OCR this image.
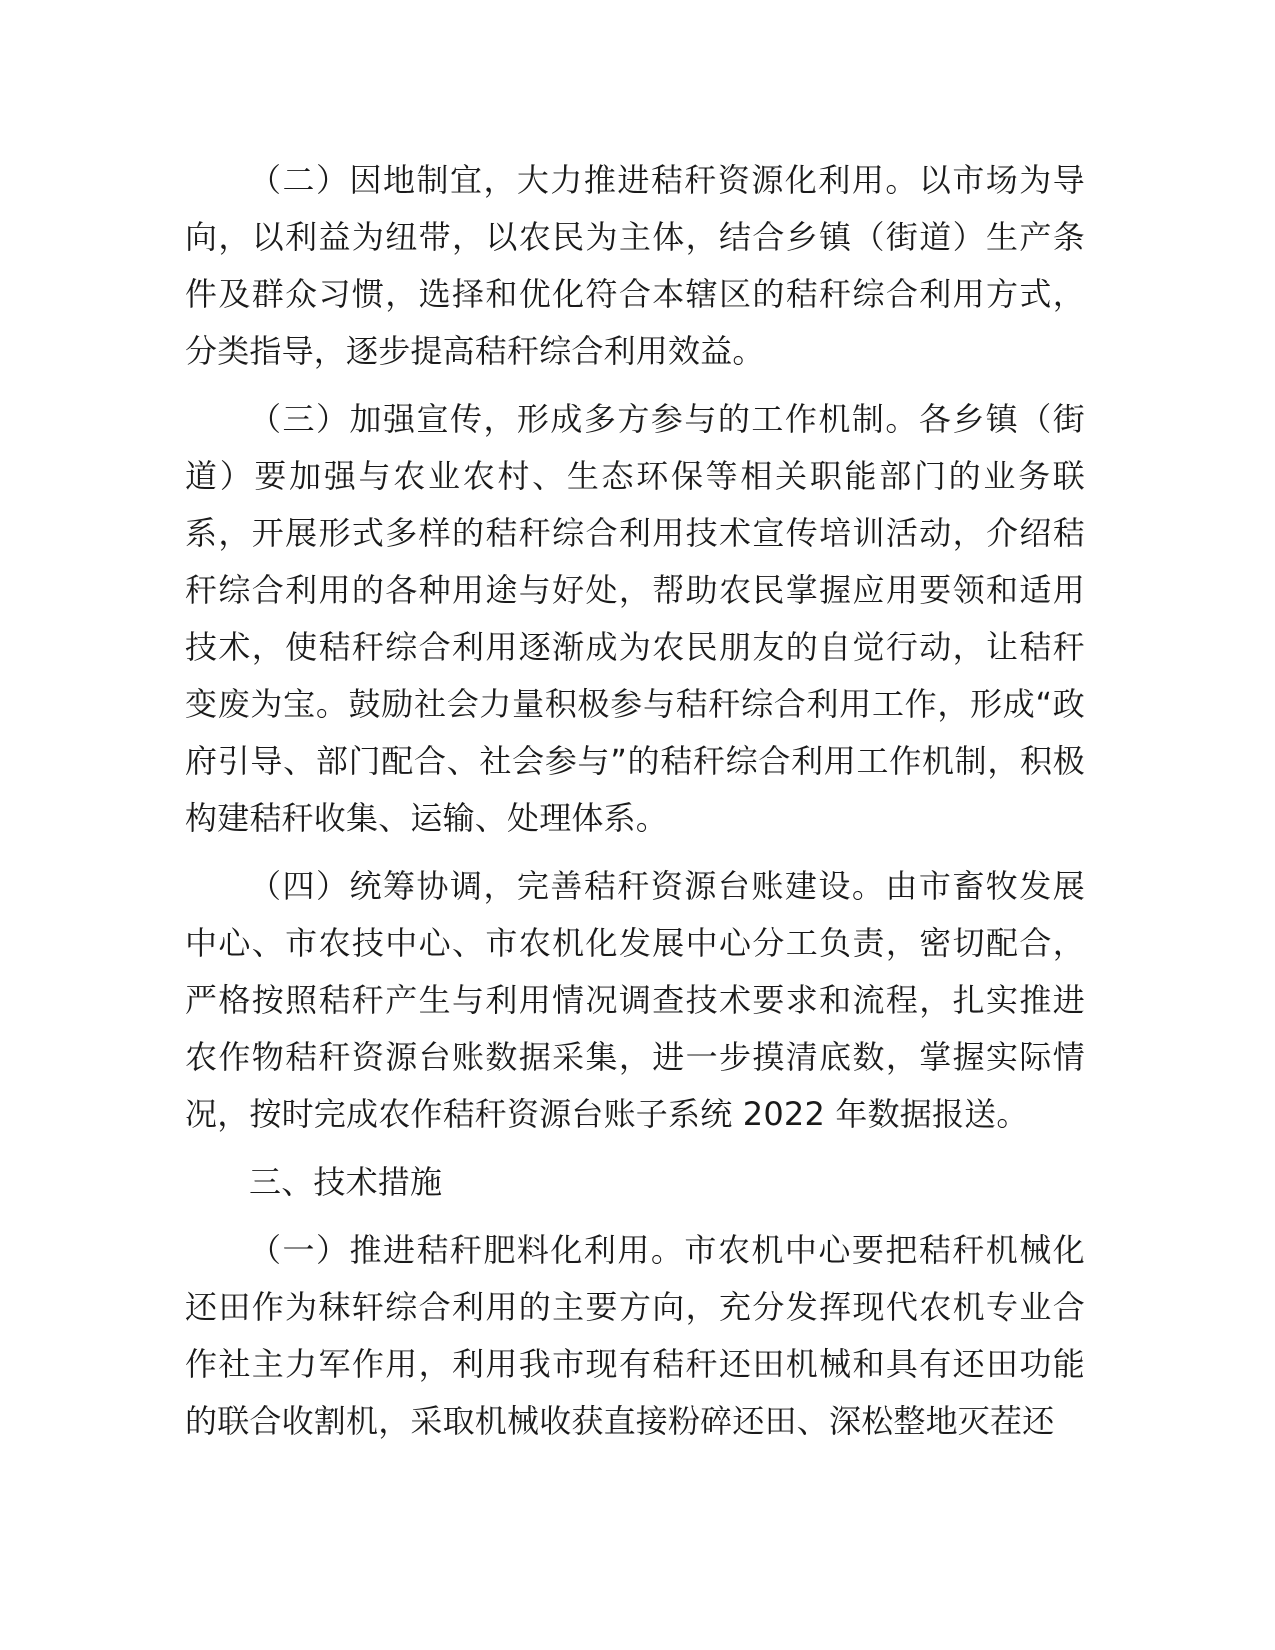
（二）因地制宜，大力推进秸秆资源化利用。以市场为导向，以利益为纽带，以农民为主体，结合乡镇（街道）生产条件及群众习惯，选择和优化符合本辖区的秸秆综合利用方式，分类指导，逐步提高秸秆综合利用效益。

（三）加强宣传，形成多方参与的工作机制。各乡镇（街道）要加强与农业农村、生态环保等相关职能部门的业务联系，开展形式多样的秸秆综合利用技术宣传培训活动，介绍秸秆综合利用的各种用途与好处，帮助农民掌握应用要领和适用技术，使秸秆综合利用逐渐成为农民朋友的自觉行动，让秸秆变废为宝。鼓励社会力量积极参与秸秆综合利用工作，形成“政府引导、部门配合、社会参与”的秸秆综合利用工作机制，积极构建秸秆收集、运输、处理体系。

（四）统筹协调，完善秸秆资源台账建设。由市畜牧发展中心、市农技中心、市农机化发展中心分工负责，密切配合，严格按照秸秆产生与利用情况调查技术要求和流程，扎实推进农作物秸秆资源台账数据采集，进一步摸清底数，掌握实际情况，按时完成农作秸秆资源台账子系统 2022 年数据报送。

三、技术措施

（一）推进秸秆肥料化利用。市农机中心要把秸秆机械化还田作为秣轩综合利用的主要方向，充分发挥现代农机专业合作社主力军作用，利用我市现有秸秆还田机械和具有还田功能的联合收割机，采取机械收获直接粉碎还田、深松整地灭茬还
